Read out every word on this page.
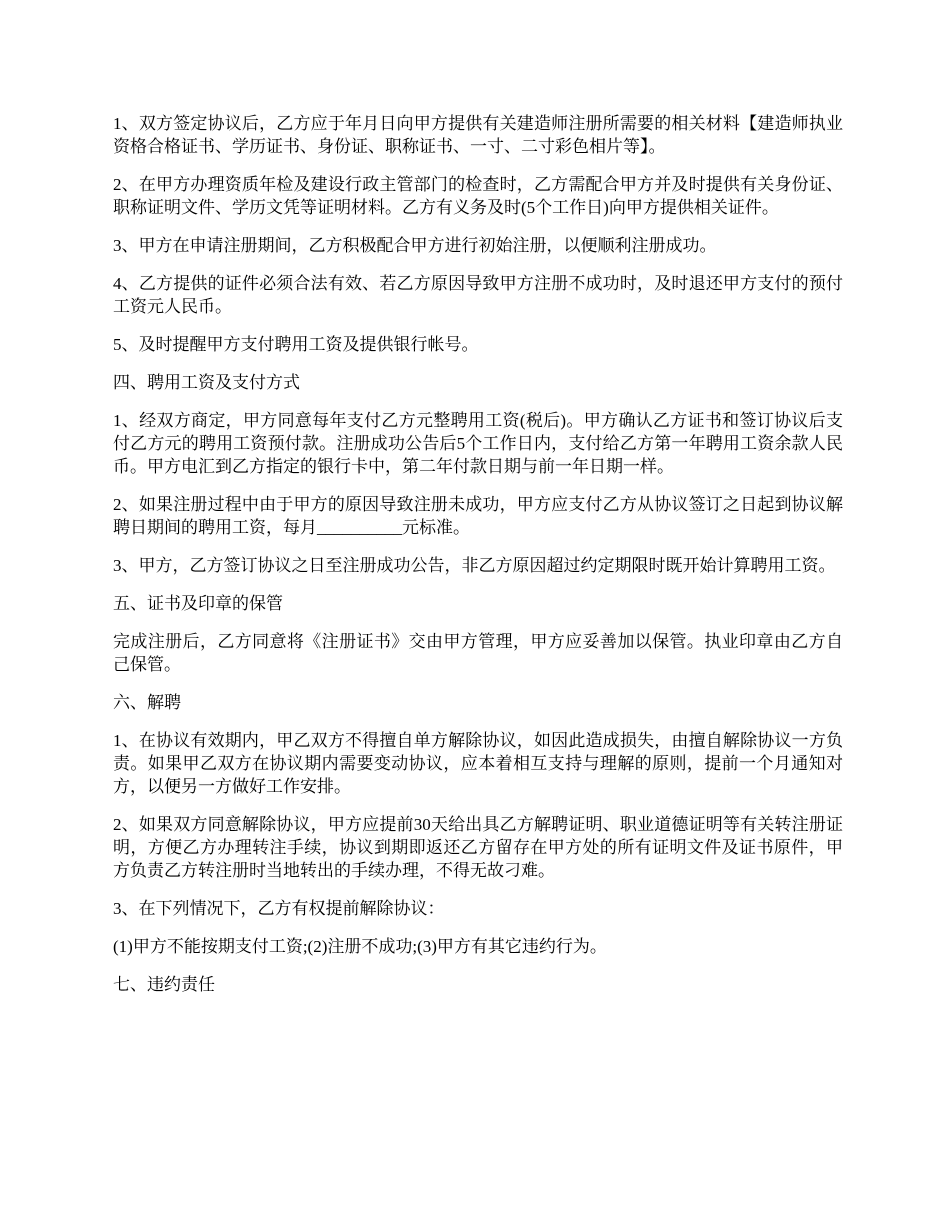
1、双方签定协议后，乙方应于年月日向甲方提供有关建造师注册所需要的相关材料【建造师执业资格合格证书、学历证书、身份证、职称证书、一寸、二寸彩色相片等】。

2、在甲方办理资质年检及建设行政主管部门的检查时，乙方需配合甲方并及时提供有关身份证、职称证明文件、学历文凭等证明材料。乙方有义务及时(5个工作日)向甲方提供相关证件。

3、甲方在申请注册期间，乙方积极配合甲方进行初始注册，以便顺利注册成功。

4、乙方提供的证件必须合法有效、若乙方原因导致甲方注册不成功时，及时退还甲方支付的预付工资元人民币。

5、及时提醒甲方支付聘用工资及提供银行帐号。

四、聘用工资及支付方式

1、经双方商定，甲方同意每年支付乙方元整聘用工资(税后)。甲方确认乙方证书和签订协议后支付乙方元的聘用工资预付款。注册成功公告后5个工作日内，支付给乙方第一年聘用工资余款人民币。甲方电汇到乙方指定的银行卡中，第二年付款日期与前一年日期一样。

2、如果注册过程中由于甲方的原因导致注册未成功，甲方应支付乙方从协议签订之日起到协议解聘日期间的聘用工资，每月__________元标准。

3、甲方，乙方签订协议之日至注册成功公告，非乙方原因超过约定期限时既开始计算聘用工资。

五、证书及印章的保管

完成注册后，乙方同意将《注册证书》交由甲方管理，甲方应妥善加以保管。执业印章由乙方自己保管。

六、解聘

1、在协议有效期内，甲乙双方不得擅自单方解除协议，如因此造成损失，由擅自解除协议一方负责。如果甲乙双方在协议期内需要变动协议，应本着相互支持与理解的原则，提前一个月通知对方，以便另一方做好工作安排。

2、如果双方同意解除协议，甲方应提前30天给出具乙方解聘证明、职业道德证明等有关转注册证明，方便乙方办理转注手续，协议到期即返还乙方留存在甲方处的所有证明文件及证书原件，甲方负责乙方转注册时当地转出的手续办理，不得无故刁难。

3、在下列情况下，乙方有权提前解除协议：

(1)甲方不能按期支付工资;(2)注册不成功;(3)甲方有其它违约行为。

七、违约责任
